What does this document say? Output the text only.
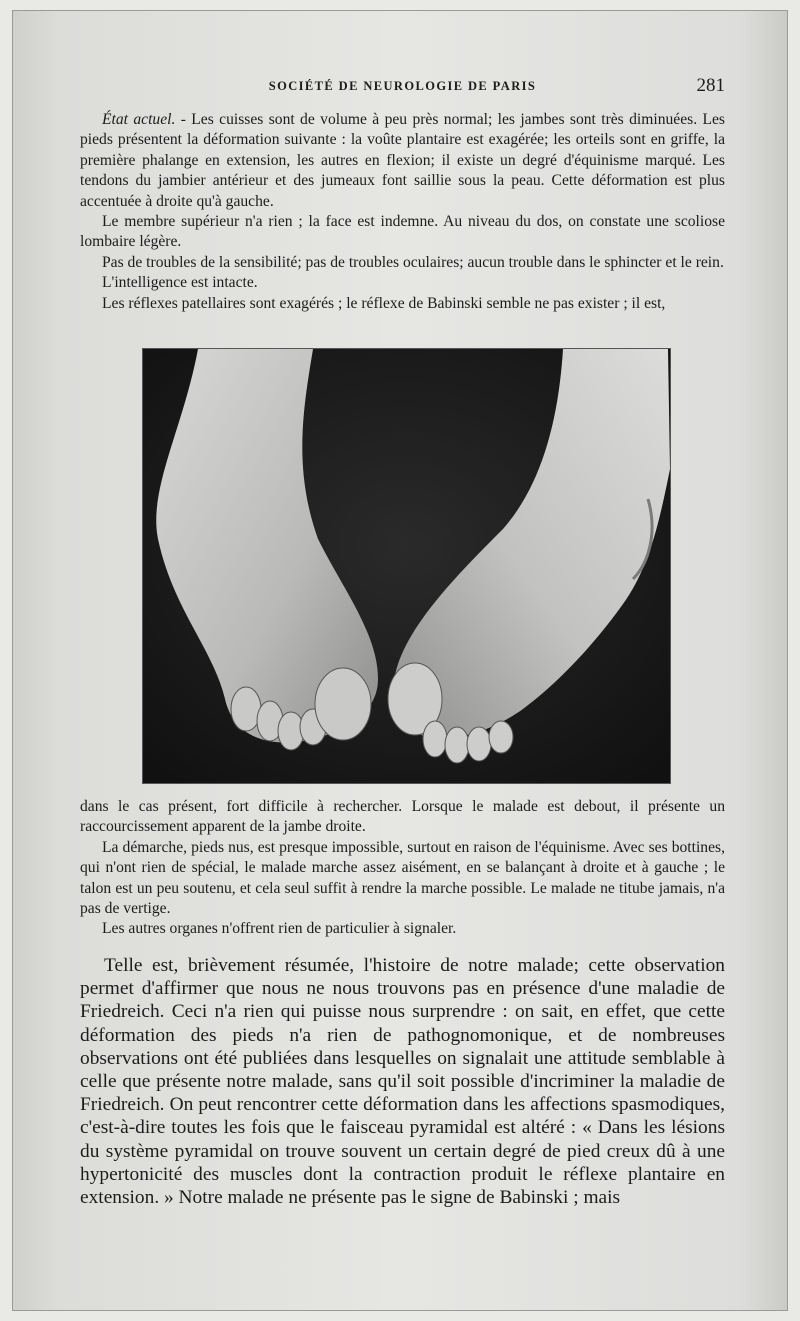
SOCIÉTÉ DE NEUROLOGIE DE PARIS	281

État actuel. - Les cuisses sont de volume à peu près normal; les jambes sont très diminuées. Les pieds présentent la déformation suivante : la voûte plantaire est exagérée; les orteils sont en griffe, la première phalange en extension, les autres en flexion; il existe un degré d'équinisme marqué. Les tendons du jambier antérieur et des jumeaux font saillie sous la peau. Cette déformation est plus accentuée à droite qu'à gauche.

Le membre supérieur n'a rien ; la face est indemne. Au niveau du dos, on constate une scoliose lombaire légère.

Pas de troubles de la sensibilité; pas de troubles oculaires; aucun trouble dans le sphincter et le rein.

L'intelligence est intacte.

Les réflexes patellaires sont exagérés ; le réflexe de Babinski semble ne pas exister ; il est,

dans le cas présent, fort difficile à rechercher. Lorsque le malade est debout, il présente un raccourcissement apparent de la jambe droite.

La démarche, pieds nus, est presque impossible, surtout en raison de l'équinisme. Avec ses bottines, qui n'ont rien de spécial, le malade marche assez aisément, en se balançant à droite et à gauche ; le talon est un peu soutenu, et cela seul suffit à rendre la marche possible. Le malade ne titube jamais, n'a pas de vertige.

Les autres organes n'offrent rien de particulier à signaler.

Telle est, brièvement résumée, l'histoire de notre malade; cette observation permet d'affirmer que nous ne nous trouvons pas en présence d'une maladie de Friedreich. Ceci n'a rien qui puisse nous surprendre : on sait, en effet, que cette déformation des pieds n'a rien de pathognomonique, et de nombreuses observations ont été publiées dans lesquelles on signalait une attitude semblable à celle que présente notre malade, sans qu'il soit possible d'incriminer la maladie de Friedreich. On peut rencontrer cette déformation dans les affections spasmodiques, c'est-à-dire toutes les fois que le faisceau pyramidal est altéré : « Dans les lésions du système pyramidal on trouve souvent un certain degré de pied creux dû à une hypertonicité des muscles dont la contraction produit le réflexe plantaire en extension. » Notre malade ne présente pas le signe de Babinski ; mais
